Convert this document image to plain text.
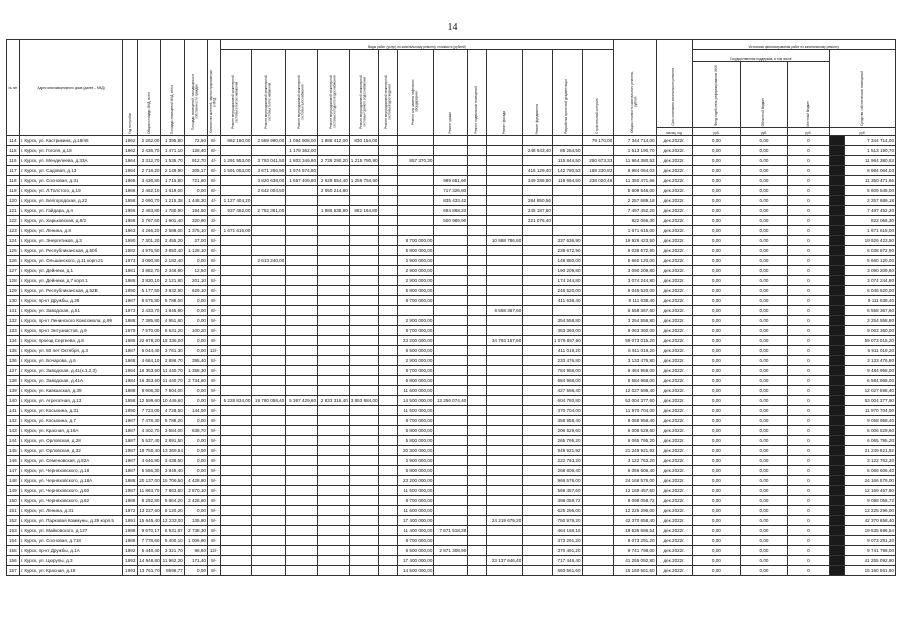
14
№ п/п	Адрес многоквартирного дома (далее – МКД)	Год постройки	Общая площадь МКД, всего	Площадь помещений МКД, всего	Площадь помещений, находящихся в собственности граждан	Количество жителей, зарегистрированных в МКД	Виды работ (услуг) по капитальному ремонту, стоимость (рублей)													Общая стоимость капитального ремонта, рублей	Срок окончания капитального ремонта	Источники финансирования работ по капитальному ремонту				
							Ремонт внутридомовой инженерной системы электроснабжения	Ремонт внутридомовой инженерной системы теплоснабжения	Ремонт внутридомовой инженерной системы газоснабжения	Ремонт внутридомовой инженерной системы холодного водоснабжения	Ремонт внутридомовой инженерной системы горячего водоснабжения	Ремонт внутридомовой инженерной системы водоотведения	Ремонт или замена лифтового оборудования	Ремонт крыши	Ремонт подвальных помещений	Ремонт фасада	Ремонт фундамента	Разработка проектной документации	Строительный контроль			Государственная поддержка, в том числе			Средства собственников помещений	
																						Фонд содействия реформированию ЖКХ	Областной бюджет	Местный бюджет		
																					месяц, год	руб.	руб.	руб.	руб.	
114	г. Курск, ул. Кастрикина, д.18/45	1962	2 262,00	1 395,90	72,50	8/-	862 180,00	2 589 990,00	1 094 908,00	1 888 412,00	830 154,00								79 170,00	7 344 714,00	дек.2022г.	0,00	0,00	0		7 344 714,00
115	г. Курск, ул. Гоголя, д.18	1962	2 436,70	1 471,10	128,40	8/-			1 179 362,00								248 543,40	85 254,50		1 513 190,70	дек.2022г.	0,00	0,00	0		1 513 190,70
116	г. Курск, ул. Менделеева, д.33А	1964	3 312,70	1 535,70	912,70	4/-	1 291 953,00	3 793 041,50	1 803 346,80	2 738 290,20	1 215 780,90		857 370,30					115 844,50	250 673,33	11 964 380,53	дек.2022г.	0,00	0,00	0		11 964 380,53
117	г. Курск, ул. Садовая, д.13	1964	2 718,20	2 149,90	305,17	8/-	1 591 053,00	3 671 256,90	1 974 574,80								416 129,40	142 780,53	188 230,83	8 984 064,03	дек.2022г.	0,00	0,00	0		8 984 064,03
118	г. Курск, ул. Сосновая, д.31	1965	3 436,80	1 715,90	721,60	8/-		3 820 638,00	1 657 409,80	2 628 554,40	1 256 754,60			989 651,60			349 288,80	116 654,50	238 020,46	11 350 471,66	дек.2022г.	0,00	0,00	0		11 350 471,66
119	г. Курск, ул. Л.Толстого, д.19	1966	2 462,10	1 619,00	0,00	8/-		2 642 004,50		2 050 214,80				717 326,80						5 609 546,00	дек.2022г.	0,00	0,00	0		5 609 546,00
120	г. Курск, ул. Белгородская, д.22	1958	2 690,70	1 215,38	1 448,30	4/-	1 127 404,20							835 433,42			284 850,56			2 257 689,18	дек.2022г.	0,00	0,00	0		2 257 689,18
121	г. Курск, ул. Гайдара, д.4	1956	2 463,80	1 780,90	194,50	8/-	937 482,00	2 752 361,00		1 986 538,80	882 164,80			694 868,20			245 187,60			7 497 452,20	дек.2022г.	0,00	0,00	0		7 497 452,20
122	г. Курск, ул. Харьковская, д.8/2	1958	2 767,60	1 601,40	320,90	3/-								500 989,90			321 076,40			822 066,30	дек.2022г.	0,00	0,00	0		822 066,30
123	г. Курск, ул. Ленина, д.8	1963	4 266,20	2 588,00	1 375,10	8/-	1 671 615,00													1 671 615,00	дек.2022г.	0,00	0,00	0		1 671 615,00
124	г. Курск, ул. Энергетиков, д.3	1990	7 301,20	3 455,20	27,00	8/-							8 700 000,00			10 888 786,60		337 636,90		19 926 423,50	дек.2022г.	0,00	0,00	0		19 926 423,50
125	г. Курск, ул. Республиканская, д.50б	1982	4 976,50	3 850,40	1 128,10	8/-							5 800 000,00					238 672,90		6 038 672,90	дек.2022г.	0,00	0,00	0		6 038 672,90
126	г. Курск, ул. Ольшанского, д.11 корп.21	1973	3 090,80	2 182,40	0,00	8/-		2 613 240,00					2 900 000,00					148 880,00		5 660 120,00	дек.2022г.	0,00	0,00	0		5 660 120,00
127	г. Курск, ул. Дейнеки, д.1	1981	3 882,70	2 346,90	12,50	8/-							2 900 000,00					190 209,80		3 090 209,80	дек.2022г.	0,00	0,00	0		3 090 209,80
128	г. Курск, ул. Дейнеки, д.7 корп.1	1986	3 830,10	2 121,90	201,10	8/-							2 900 000,00					174 244,80		3 074 244,80	дек.2022г.	0,00	0,00	0		3 074 244,80
129	г. Курск, ул. Республиканская, д.52В	1990	5 177,50	3 832,90	629,10	8/-							5 800 000,00					246 520,00		6 046 520,00	дек.2022г.	0,00	0,00	0		6 046 520,00
130	г. Курск, пр-кт Дружбы, д.28	1987	8 575,80	5 788,00	0,00	9/-							8 700 000,00					411 638,40		9 111 638,40	дек.2022г.	0,00	0,00	0		9 111 638,40
131	г. Курск, ул. Заводская, д.51	1973	2 433,70	1 845,90	0,00	8/-										6 558 367,60				6 558 367,60	дек.2022г.	0,00	0,00	0		6 558 367,60
132	г. Курск, пр-кт Ленинского Комсомола, д.99	1988	7 385,80	4 951,60	0,00	9/-							2 900 000,00					354 558,80		3 254 558,80	дек.2022г.	0,00	0,00	0		3 254 558,80
133	г. Курск, пр-кт Энтузиастов, д.9	1979	7 570,00	5 631,20	100,20	9/-							8 700 000,00					363 360,00		9 063 360,00	дек.2022г.	0,00	0,00	0		9 063 360,00
134	г. Курск, проезд Сергеева, д.8	1985	22 678,20	15 336,00	0,00	9/-							23 200 000,00			34 793 157,60		1 079 857,60		59 073 015,20	дек.2022г.	0,00	0,00	0		59 073 015,20
135	г. Курск, ул. 50 лет Октября, д.3	1987	6 044,40	3 761,30	0,00	12/-							6 500 000,00					411 019,20		6 911 019,20	дек.2022г.	0,00	0,00	0		6 911 019,20
136	г. Курск, ул. Бочарова, д.6	1968	4 664,10	3 896,70	395,40	8/-							2 900 000,00					233 476,80		3 133 476,80	дек.2022г.	0,00	0,00	0		3 133 476,80
137	г. Курск, ул. Заводская, д.41(к.1,2,3)	1964	16 353,50	11 440,70	1 358,30	9/-							8 700 000,00					784 958,00		9 484 958,00	дек.2022г.	0,00	0,00	0		9 484 958,00
138	г. Курск, ул. Заводская, д.41А	1984	16 353,50	11 440,70	2 734,60	9/-							5 800 000,00					684 968,00		6 584 968,00	дек.2022г.	0,00	0,00	0		6 584 968,00
139	г. Курск, ул. Кавказская, д.39	1988	8 908,30	7 804,00	0,00	9/-							11 600 000,00					427 598,40		12 027 598,40	дек.2022г.	0,00	0,00	0		12 027 598,40
140	г. Курск, ул. Агрегатная, д.13	1958	12 599,60	10 446,60	0,00	9/-	5 228 834,00	19 780 058,40	5 367 429,60	2 833 316,40	3 853 884,00		14 500 000,00	13 256 074,40				604 780,80		53 004 377,60	дек.2022г.	0,00	0,00	0		53 004 377,60
141	г. Курск, ул. Косыхина, д.31	1990	7 723,00	4 728,50	144,00	9/-							11 600 000,00					370 704,00		11 970 704,00	дек.2022г.	0,00	0,00	0		11 970 704,00
142	г. Курск, ул. Косыхина, д.7	1987	7 478,30	5 788,20	0,00	9/-							8 700 000,00					358 958,40		9 058 958,40	дек.2022г.	0,00	0,00	0		9 058 958,40
143	г. Курск, ул. Красная, д.16А	1987	4 302,70	3 684,00	638,70	9/-							5 800 000,00					206 529,60		6 006 529,60	дек.2022г.	0,00	0,00	0		6 006 529,60
144	г. Курск, ул. Орловская, д.28	1987	5 537,40	3 891,50	0,00	9/-							5 800 000,00					265 795,20		6 065 795,20	дек.2022г.	0,00	0,00	0		6 065 795,20
145	г. Курск, ул. Орловская, д.32	1987	18 750,40	13 369,54	0,00	9/-							20 300 000,00					949 921,92		21 249 921,92	дек.2022г.	0,00	0,00	0		21 249 921,92
146	г. Курск, ул. Семеновская, д.82А	1987	4 646,90	3 438,50	0,00	9/-							2 900 000,00					222 763,20		3 122 763,20	дек.2022г.	0,00	0,00	0		3 122 763,20
147	г. Курск, ул. Черняховского, д.18	1987	5 556,30	3 849,40	0,00	9/-							5 800 000,00					268 606,40		6 066 606,40	дек.2022г.	0,00	0,00	0		6 066 606,40
148	г. Курск, ул. Черняховского, д.18А	1988	20 137,00	15 706,50	4 428,80	9/-							23 200 000,00					966 576,00		24 166 576,00	дек.2022г.	0,00	0,00	0		24 166 576,00
149	г. Курск, ул. Черняховского, д.60	1987	11 863,70	7 863,60	3 870,10	9/-							11 600 000,00					569 457,60		12 169 457,60	дек.2022г.	0,00	0,00	0		12 169 457,60
150	г. Курск, ул. Черняховского, д.62	1988	8 292,80	5 864,20	2 428,60	9/-							8 700 000,00					398 058,72		9 098 058,72	дек.2022г.	0,00	0,00	0		9 098 058,72
151	г. Курск, ул. Ленина, д.31	1972	13 237,60	8 120,20	0,00	9/-							11 600 000,00					625 296,00		12 225 296,00	дек.2022г.	0,00	0,00	0		12 225 296,00
152	г. Курск, ул. Парковая Коммуны, д.29 корп.5	1991	15 645,40	12 233,00	135,80	9/-							17 400 000,00			24 219 679,20		750 979,20		42 370 658,40	дек.2022г.	0,00	0,00	0		42 370 658,40
153	г. Курск, ул. Майковского, д.127	1988	9 670,17	6 931,87	2 738,30	9/-							11 400 000,00	7 671 518,38				464 168,16		19 535 686,54	дек.2022г.	0,00	0,00	0		19 535 686,54
154	г. Курск, ул. Сосновая, д.718	1988	7 778,60	5 400,10	1 006,90	9/-							8 700 000,00					373 291,20		9 073 291,20	дек.2022г.	0,00	0,00	0		9 073 291,20
155	г. Курск, пр-кт Дружбы, д.1А	1992	5 448,40	3 321,70	96,80	12/-							6 500 000,00	2 871 308,90				370 491,20		9 741 798,00	дек.2022г.	0,00	0,00	0		9 741 798,00
156	г. Курск, ул. Цюрупы, д.3	1993	14 948,80	11 962,20	171,40	9/-							17 400 000,00			23 137 646,40		717 446,40		41 255 092,80	дек.2022г.	0,00	0,00	0		41 255 092,80
157	г. Курск, ул. Красная, д.18	1993	13 761,70	8596,77	0,00	9/-							14 500 000,00					660 561,60		15 160 561,60	дек.2022г.	0,00	0,00	0		15 160 561,60
